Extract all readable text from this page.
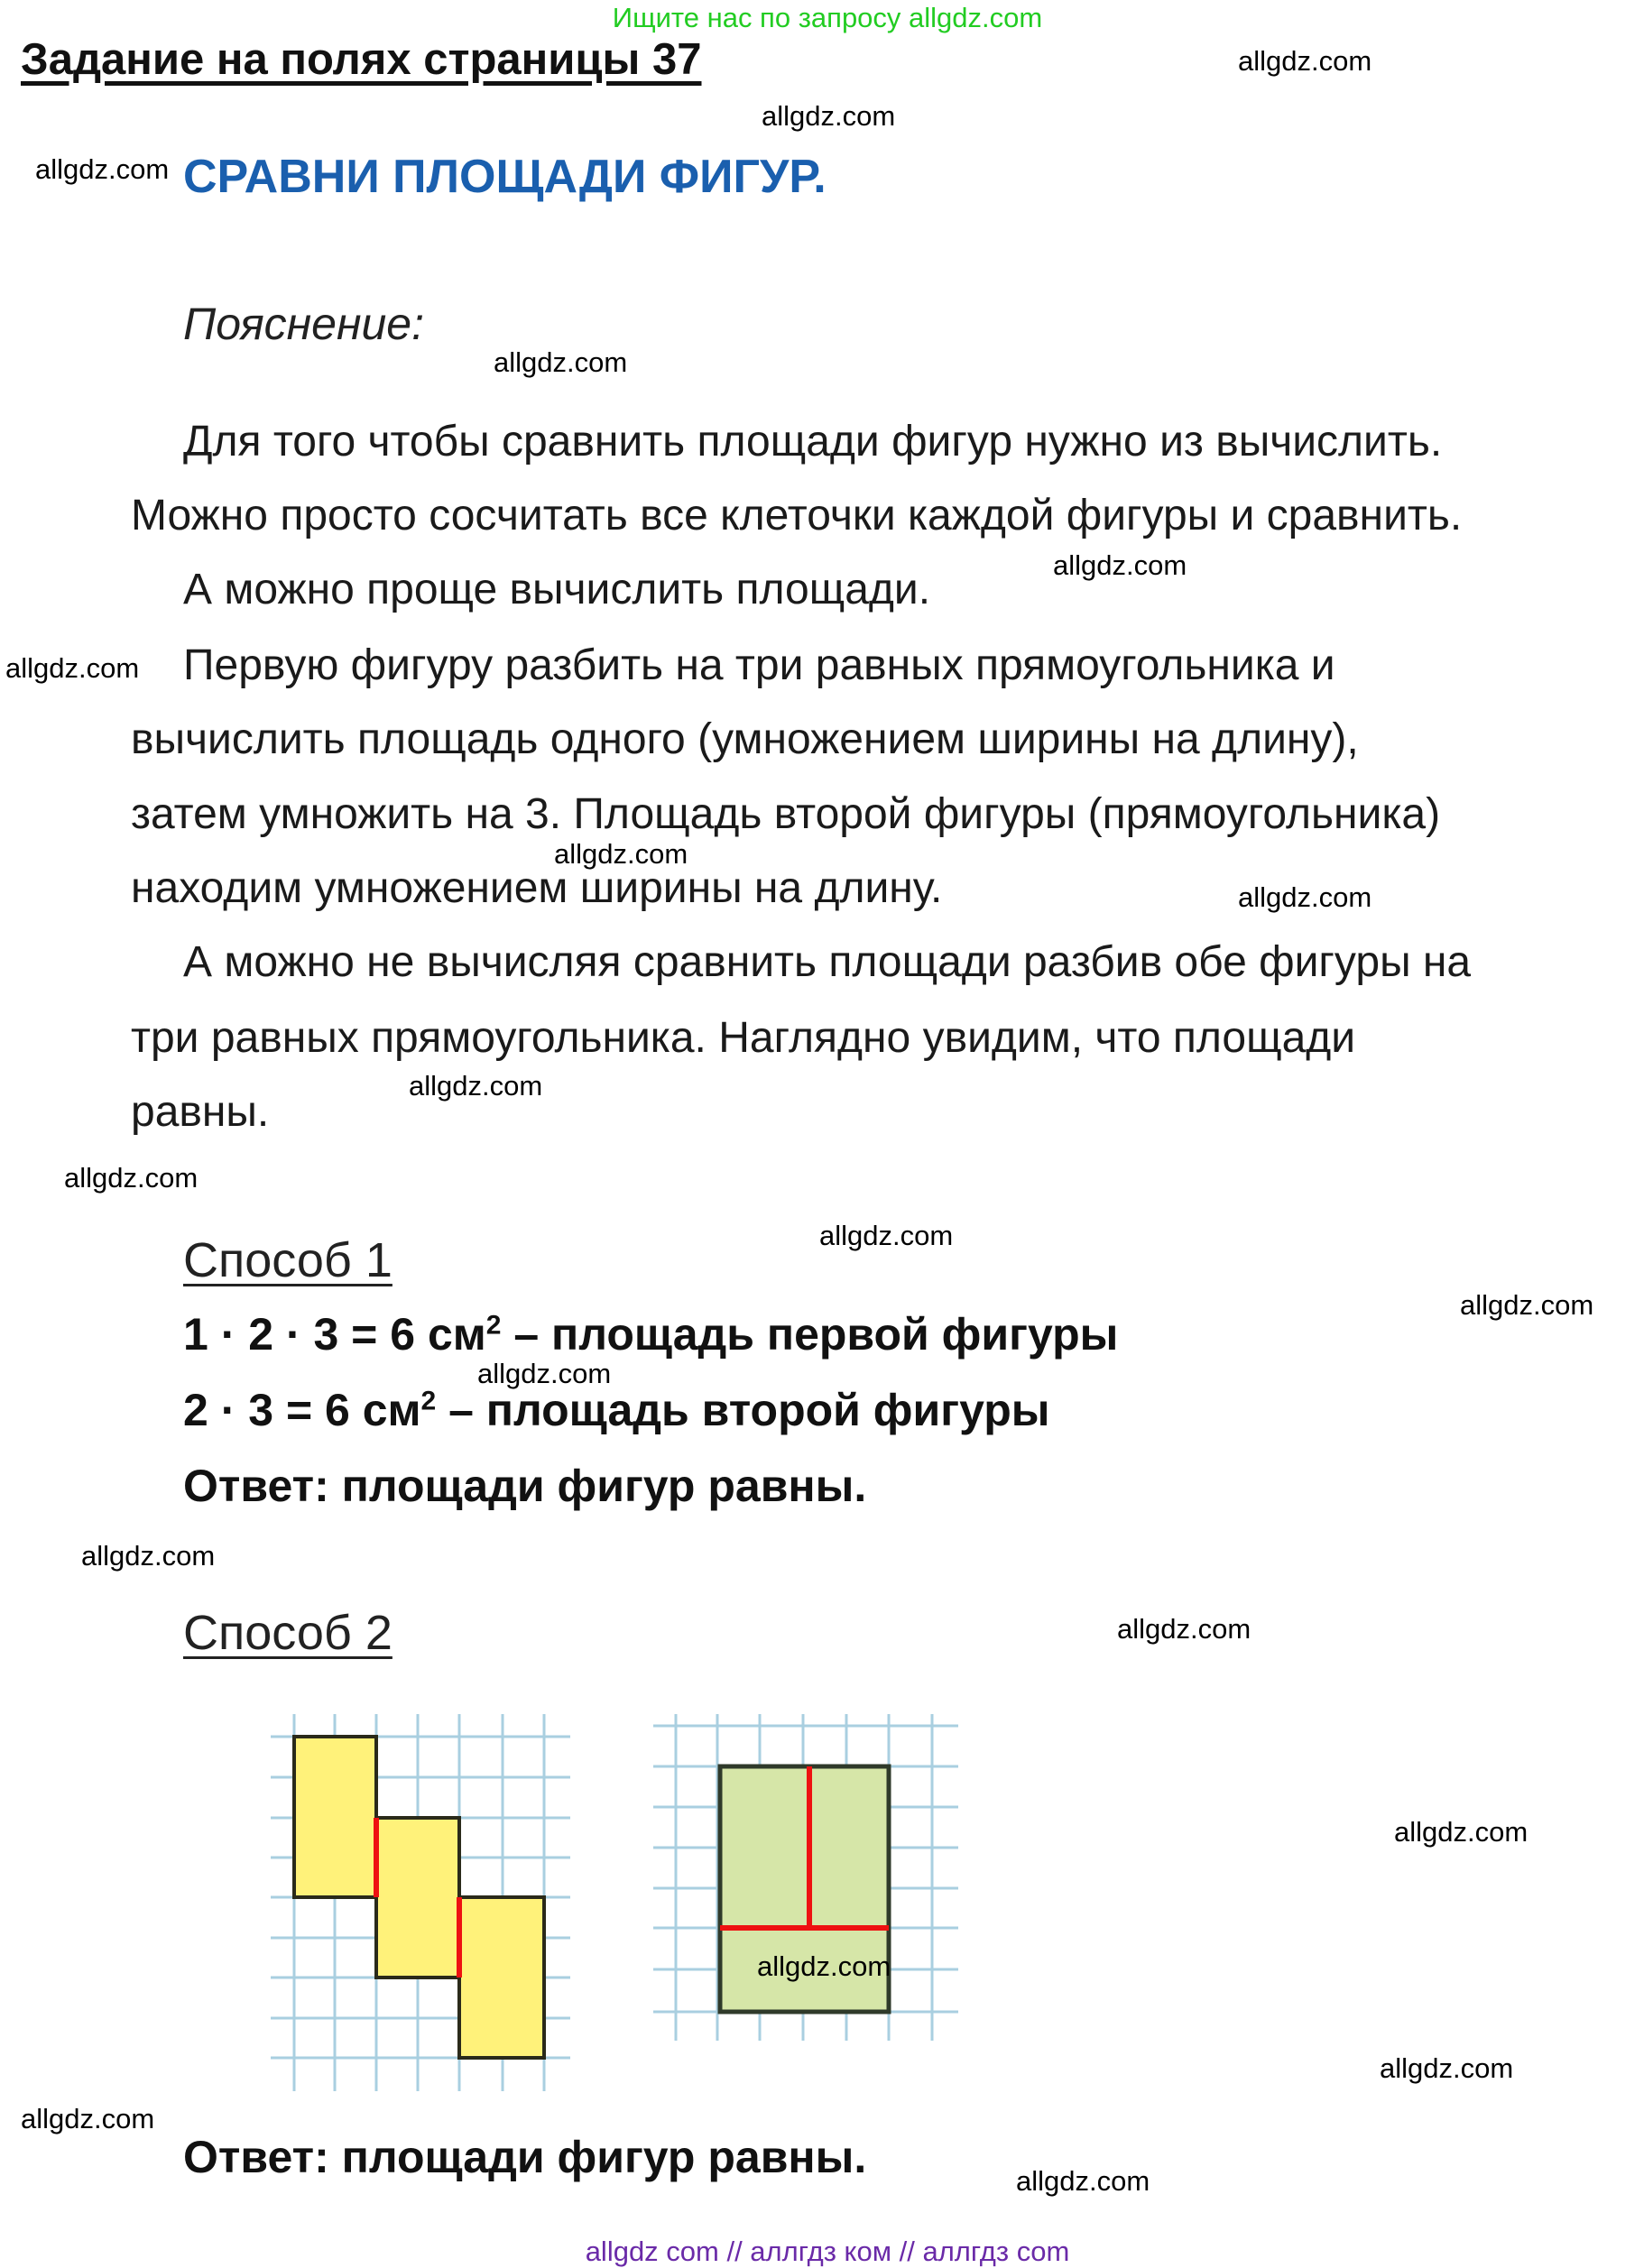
Ищите нас по запросу allgdz.com
Задание на полях страницы 37
СРАВНИ ПЛОЩАДИ ФИГУР.
Пояснение:
Для того чтобы сравнить площади фигур нужно из вычислить.
Можно просто сосчитать все клеточки каждой фигуры и сравнить.
А можно проще вычислить площади.
Первую фигуру разбить на три равных прямоугольника и
вычислить площадь одного (умножением ширины на длину),
затем умножить на 3. Площадь второй фигуры (прямоугольника)
находим умножением ширины на длину.
А можно не вычисляя сравнить площади разбив обе фигуры на
три равных прямоугольника. Наглядно увидим, что площади
равны.
Способ 1
1 · 2 · 3 = 6 $см^2$ – площадь первой фигуры
2 · 3 = 6 $см^2$ – площадь второй фигуры
Ответ: площади фигур равны.
Способ 2
Ответ: площади фигур равны.
allgdz.com
allgdz.com
allgdz.com
allgdz.com
allgdz.com
allgdz.com
allgdz.com
allgdz.com
allgdz.com
allgdz.com
allgdz.com
allgdz.com
allgdz.com
allgdz.com
allgdz.com
allgdz.com
allgdz.com
allgdz.com
allgdz.com
allgdz.com
allgdz com // аллгдз ком // аллгдз com
